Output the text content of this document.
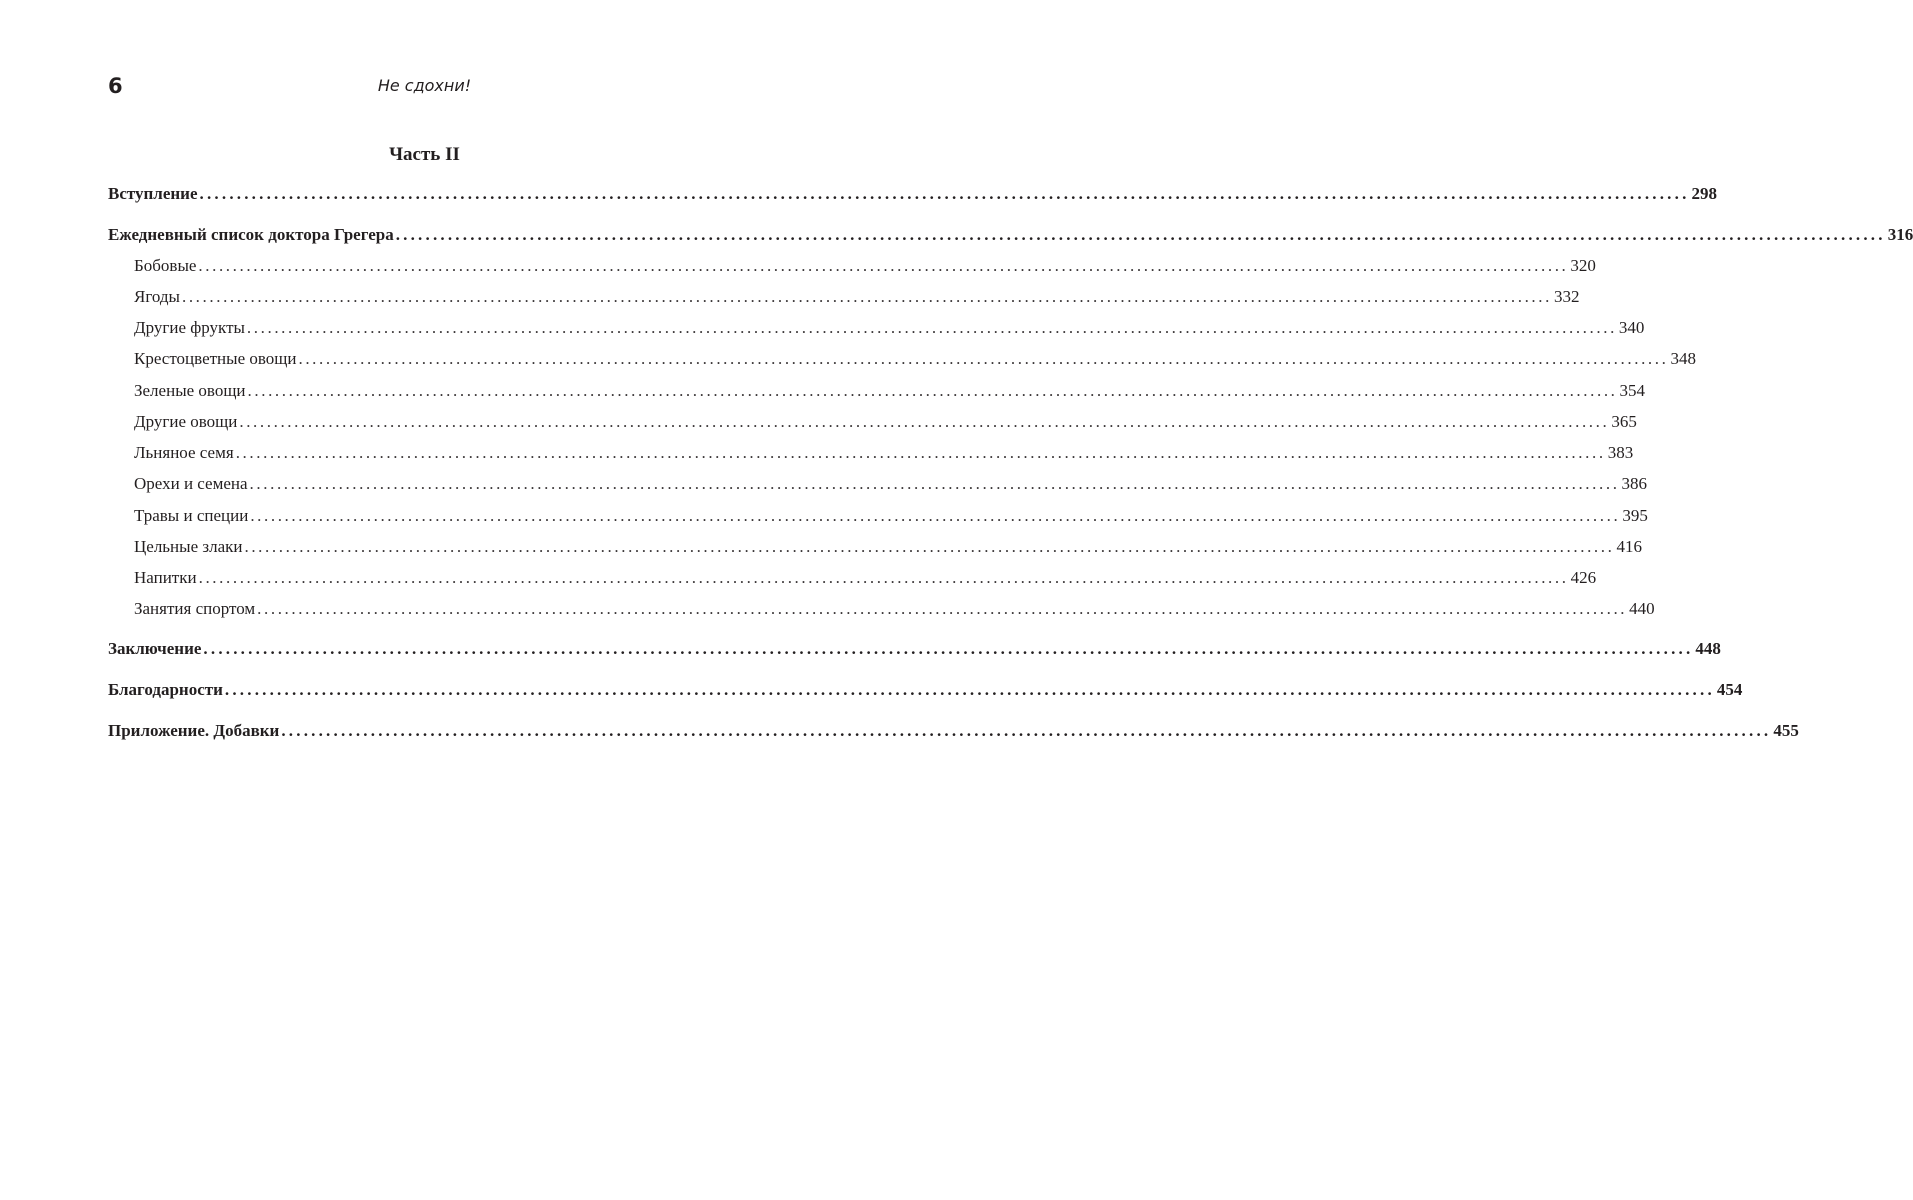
6	Не сдохни!
Часть II
Вступление ........................................................................................................................................................................................................ 298
Ежедневный список доктора Грегера ........................................................................................................................................................................................................ 316
Бобовые ........................................................................................................................................................................................................ 320
Ягоды ........................................................................................................................................................................................................ 332
Другие фрукты ........................................................................................................................................................................................................ 340
Крестоцветные овощи ........................................................................................................................................................................................................ 348
Зеленые овощи ........................................................................................................................................................................................................ 354
Другие овощи ........................................................................................................................................................................................................ 365
Льняное семя ........................................................................................................................................................................................................ 383
Орехи и семена ........................................................................................................................................................................................................ 386
Травы и специи ........................................................................................................................................................................................................ 395
Цельные злаки ........................................................................................................................................................................................................ 416
Напитки ........................................................................................................................................................................................................ 426
Занятия спортом ........................................................................................................................................................................................................ 440
Заключение ........................................................................................................................................................................................................ 448
Благодарности ........................................................................................................................................................................................................ 454
Приложение. Добавки ........................................................................................................................................................................................................ 455
